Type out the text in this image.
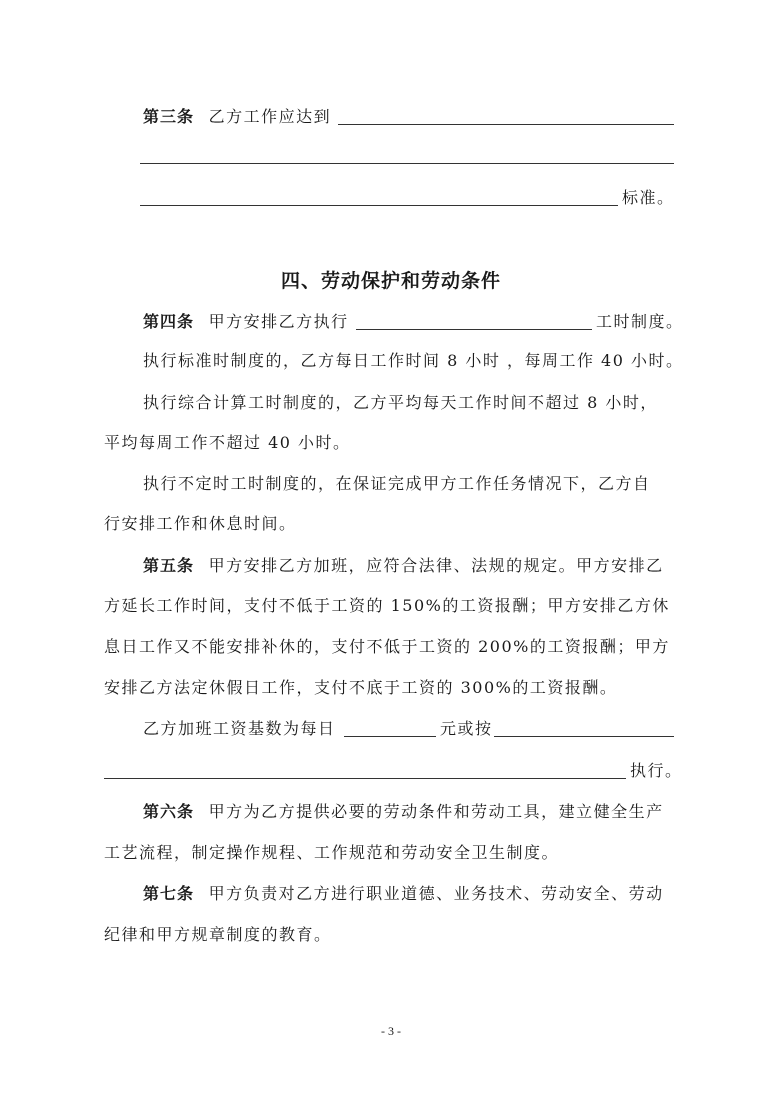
第三条 乙方工作应达到
标准。
四、劳动保护和劳动条件
第四条 甲方安排乙方执行	工时制度。
执行标准时制度的，乙方每日工作时间 8 小时 ，每周工作 40 小时。
执行综合计算工时制度的，乙方平均每天工作时间不超过 8 小时，
平均每周工作不超过 40 小时。
执行不定时工时制度的，在保证完成甲方工作任务情况下，乙方自
行安排工作和休息时间。
第五条 甲方安排乙方加班，应符合法律、法规的规定。甲方安排乙
方延长工作时间，支付不低于工资的 150%的工资报酬；甲方安排乙方休
息日工作又不能安排补休的，支付不低于工资的 200%的工资报酬；甲方
安排乙方法定休假日工作，支付不底于工资的 300%的工资报酬。
乙方加班工资基数为每日	元或按
执行。
第六条 甲方为乙方提供必要的劳动条件和劳动工具，建立健全生产
工艺流程，制定操作规程、工作规范和劳动安全卫生制度。
第七条 甲方负责对乙方进行职业道德、业务技术、劳动安全、劳动
纪律和甲方规章制度的教育。
- 3 -
